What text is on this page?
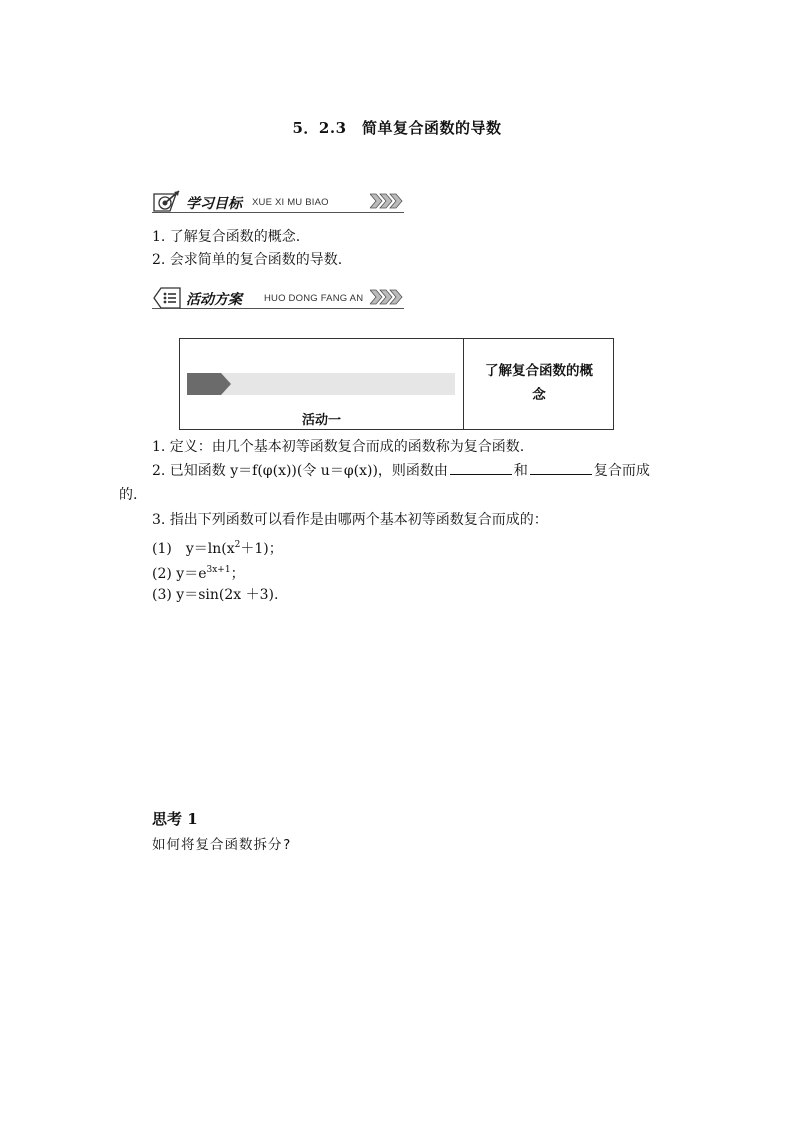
5．2.3　简单复合函数的导数
学习目标 XUE XI MU BIAO
1. 了解复合函数的概念.
2. 会求简单的复合函数的导数.
活动方案 HUO DONG FANG AN
活动一
了解复合函数的概
念
1. 定义：由几个基本初等函数复合而成的函数称为复合函数.
2. 已知函数 y＝f(φ(x))(令 u＝φ(x))，则函数由	和	复合而成
的.
3. 指出下列函数可以看作是由哪两个基本初等函数复合而成的：
(1)　$y=\ln(x^2+1)$；
(2) $y=e^{3x+1}$；
(3) y＝sin(2x ＋3).
思考 1
如何将复合函数拆分?
